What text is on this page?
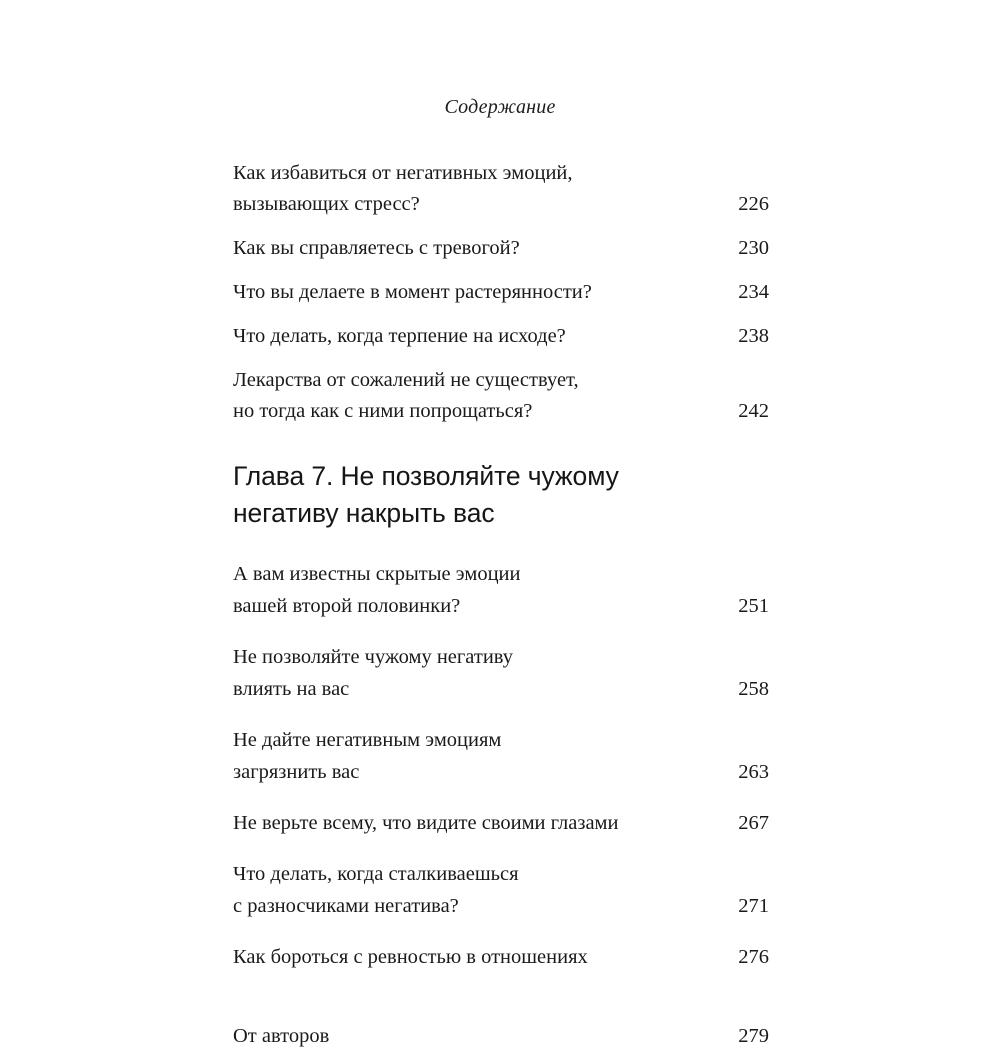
Содержание
Как избавиться от негативных эмоций,
вызывающих стресс?	226
Как вы справляетесь с тревогой?	230
Что вы делаете в момент растерянности?	234
Что делать, когда терпение на исходе?	238
Лекарства от сожалений не существует,
но тогда как с ними попрощаться?	242
Глава 7. Не позволяйте чужому
негативу накрыть вас
А вам известны скрытые эмоции
вашей второй половинки?	251
Не позволяйте чужому негативу
влиять на вас	258
Не дайте негативным эмоциям
загрязнить вас	263
Не верьте всему, что видите своими глазами	267
Что делать, когда сталкиваешься
с разносчиками негатива?	271
Как бороться с ревностью в отношениях	276
От авторов	279
